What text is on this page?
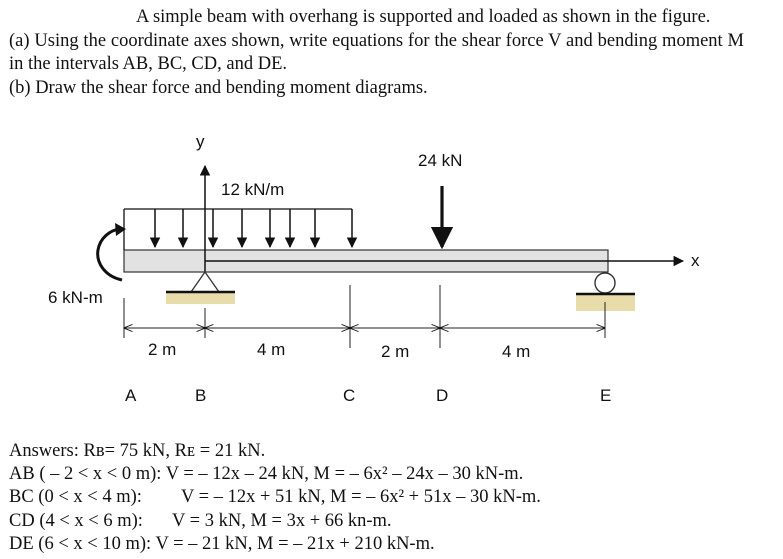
A simple beam with overhang is supported and loaded as shown in the figure.

(a) Using the coordinate axes shown, write equations for the shear force V and bending moment M in the intervals AB, BC, CD, and DE.

(b) Draw the shear force and bending moment diagrams.

y
x
12 kN/m
24 kN
6 kN-m
2 m	4 m	2 m	4 m
A	B	C	D	E
Answers: Rʙ= 75 kN, Rᴇ = 21 kN.
AB ( – 2 < x < 0 m): V = – 12x – 24 kN, M = – 6x² – 24x – 30 kN-m.
BC (0 < x < 4 m): V = – 12x + 51 kN, M = – 6x² + 51x – 30 kN-m.
CD (4 < x < 6 m): V = 3 kN, M = 3x + 66 kn-m.
DE (6 < x < 10 m): V = – 21 kN, M = – 21x + 210 kN-m.
